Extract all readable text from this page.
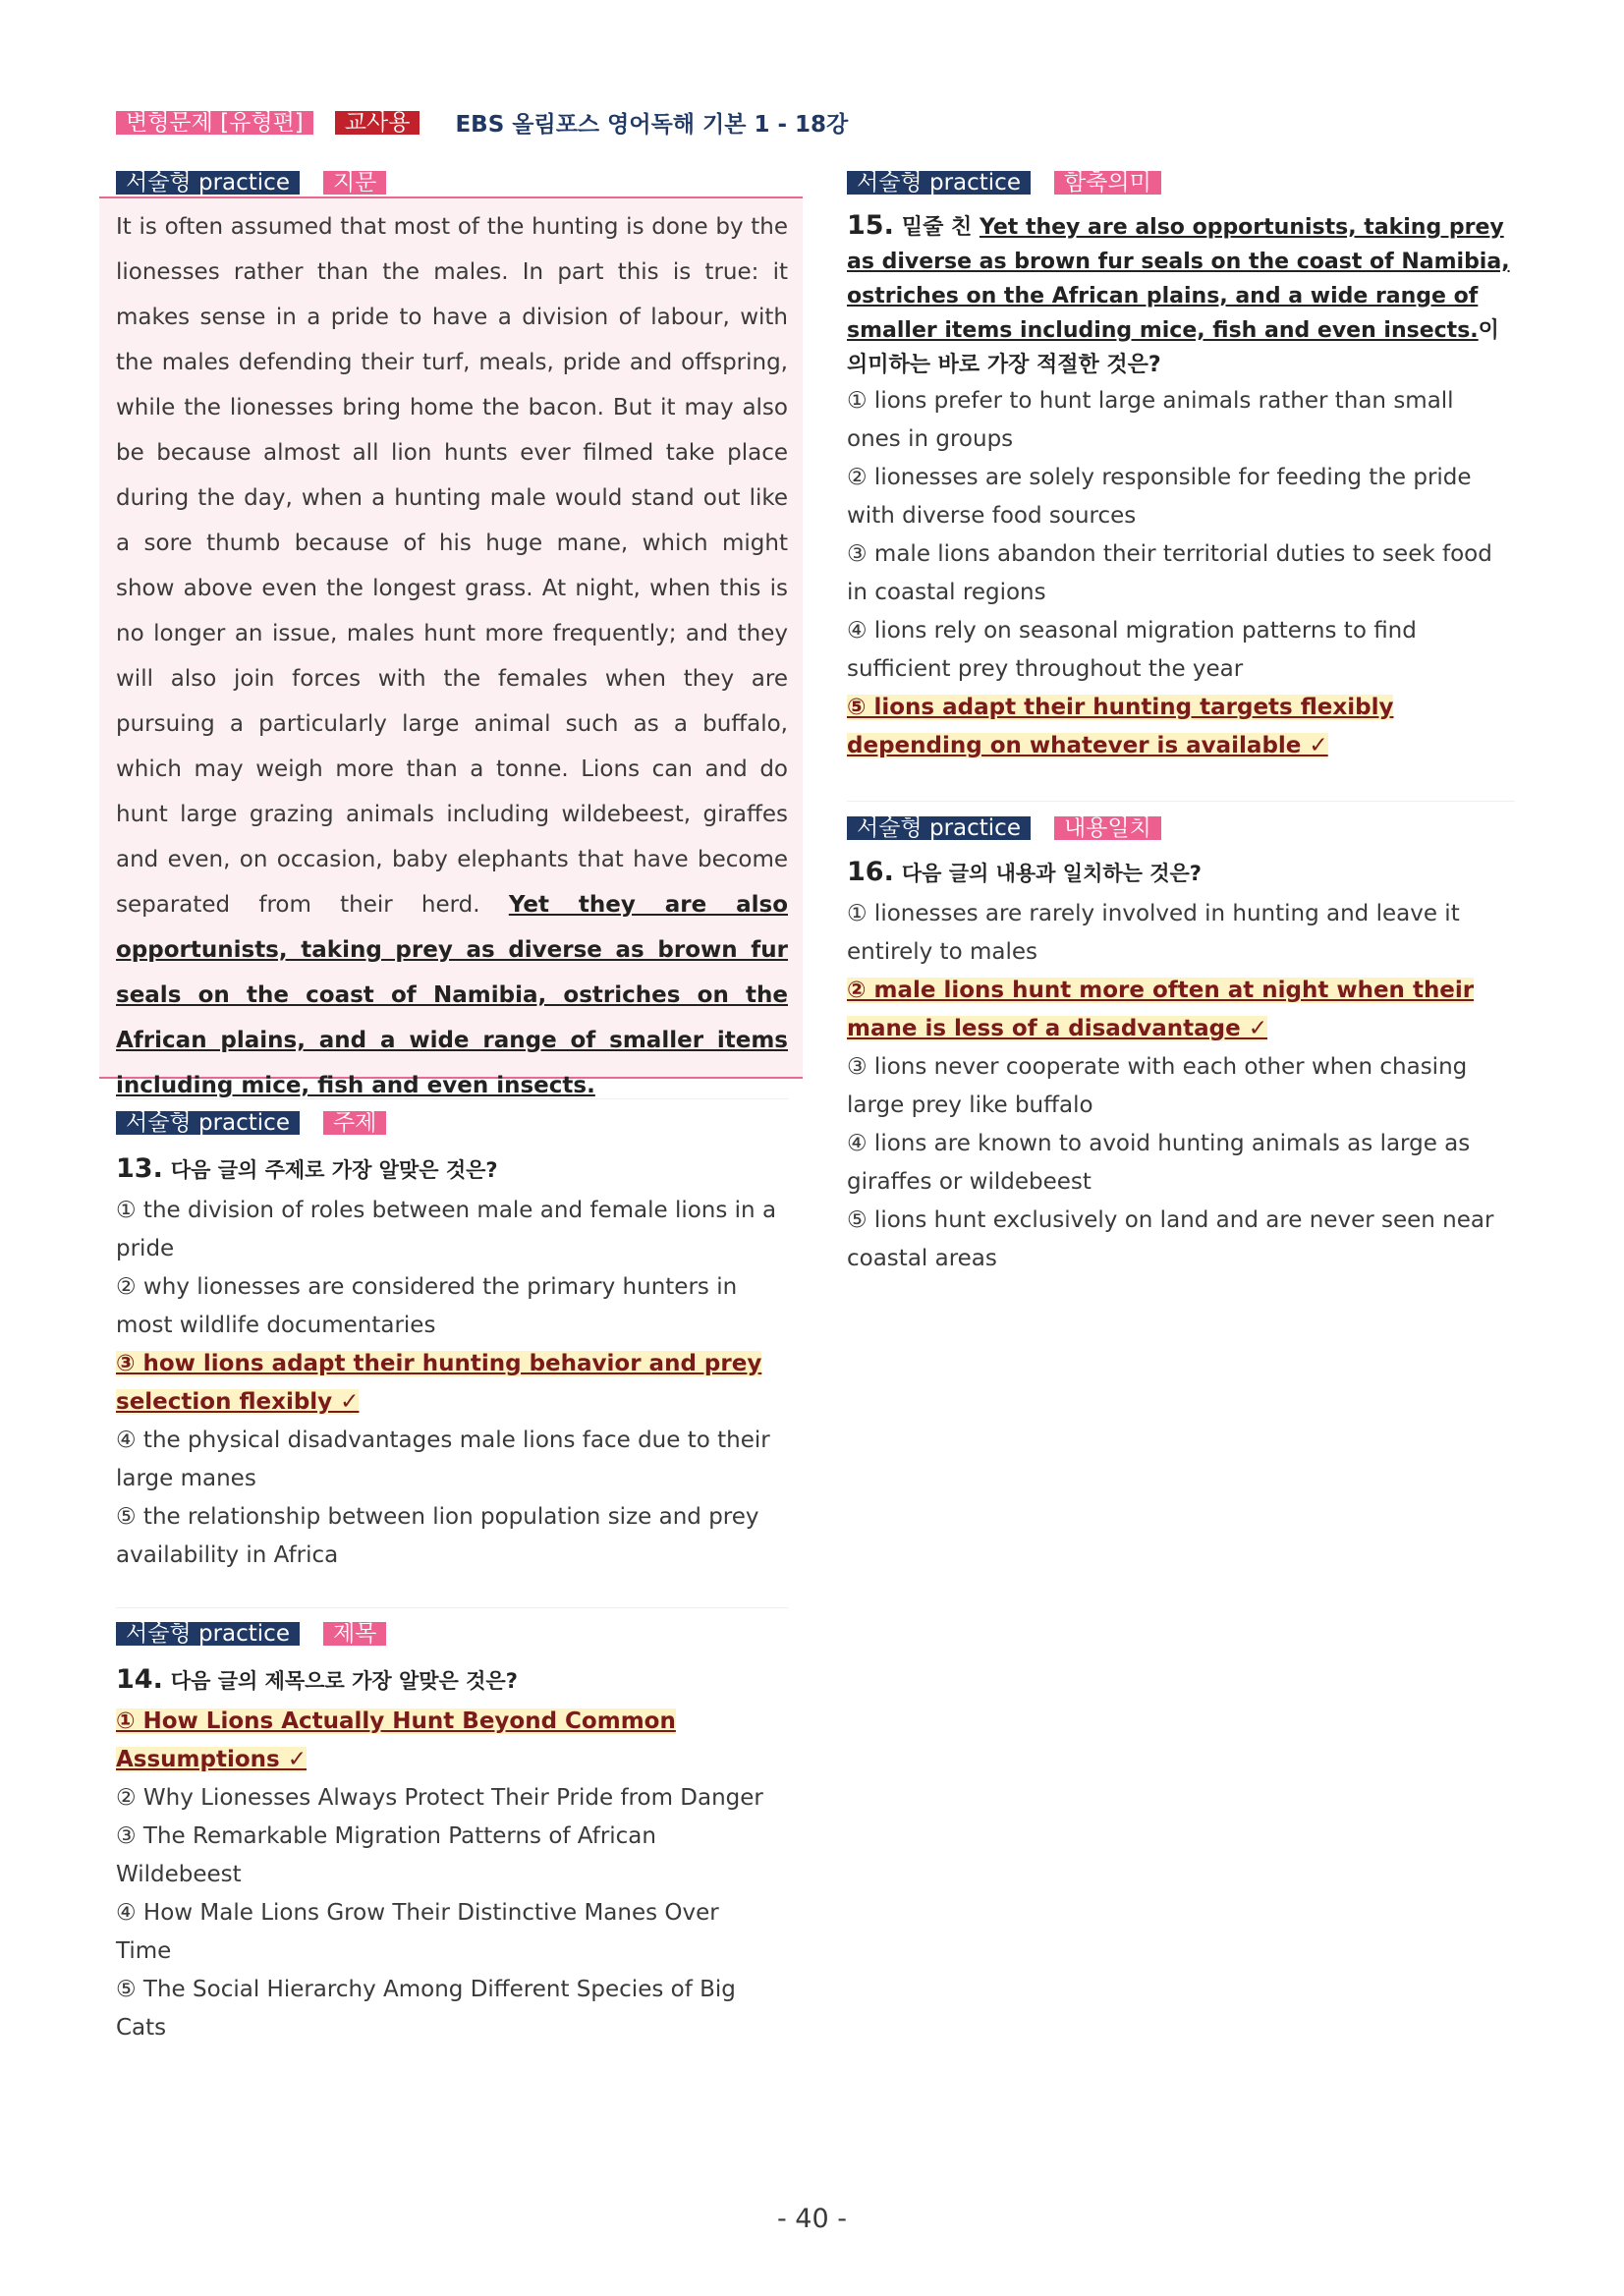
변형문제 [유형편] 교사용 EBS 올림포스 영어독해 기본 1 - 18강
서술형 practice 지문
It is often assumed that most of the hunting is done by the lionesses rather than the males. In part this is true: it makes sense in a pride to have a division of labour, with the males defending their turf, meals, pride and offspring, while the lionesses bring home the bacon. But it may also be because almost all lion hunts ever filmed take place during the day, when a hunting male would stand out like a sore thumb because of his huge mane, which might show above even the longest grass. At night, when this is no longer an issue, males hunt more frequently; and they will also join forces with the females when they are pursuing a particularly large animal such as a buffalo, which may weigh more than a tonne. Lions can and do hunt large grazing animals including wildebeest, giraffes and even, on occasion, baby elephants that have become separated from their herd. Yet they are also opportunists, taking prey as diverse as brown fur seals on the coast of Namibia, ostriches on the African plains, and a wide range of smaller items including mice, fish and even insects.
서술형 practice 주제
13. 다음 글의 주제로 가장 알맞은 것은?
① the division of roles between male and female lions in a pride
② why lionesses are considered the primary hunters in most wildlife documentaries
③ how lions adapt their hunting behavior and prey selection flexibly ✓
④ the physical disadvantages male lions face due to their large manes
⑤ the relationship between lion population size and prey availability in Africa
서술형 practice 제목
14. 다음 글의 제목으로 가장 알맞은 것은?
① How Lions Actually Hunt Beyond Common Assumptions ✓
② Why Lionesses Always Protect Their Pride from Danger
③ The Remarkable Migration Patterns of African Wildebeest
④ How Male Lions Grow Their Distinctive Manes Over Time
⑤ The Social Hierarchy Among Different Species of Big Cats
서술형 practice 함축의미
15. 밑줄 친 Yet they are also opportunists, taking prey as diverse as brown fur seals on the coast of Namibia, ostriches on the African plains, and a wide range of smaller items including mice, fish and even insects.이 의미하는 바로 가장 적절한 것은?
① lions prefer to hunt large animals rather than small ones in groups
② lionesses are solely responsible for feeding the pride with diverse food sources
③ male lions abandon their territorial duties to seek food in coastal regions
④ lions rely on seasonal migration patterns to find sufficient prey throughout the year
⑤ lions adapt their hunting targets flexibly depending on whatever is available ✓
서술형 practice 내용일치
16. 다음 글의 내용과 일치하는 것은?
① lionesses are rarely involved in hunting and leave it entirely to males
② male lions hunt more often at night when their mane is less of a disadvantage ✓
③ lions never cooperate with each other when chasing large prey like buffalo
④ lions are known to avoid hunting animals as large as giraffes or wildebeest
⑤ lions hunt exclusively on land and are never seen near coastal areas
- 40 -
